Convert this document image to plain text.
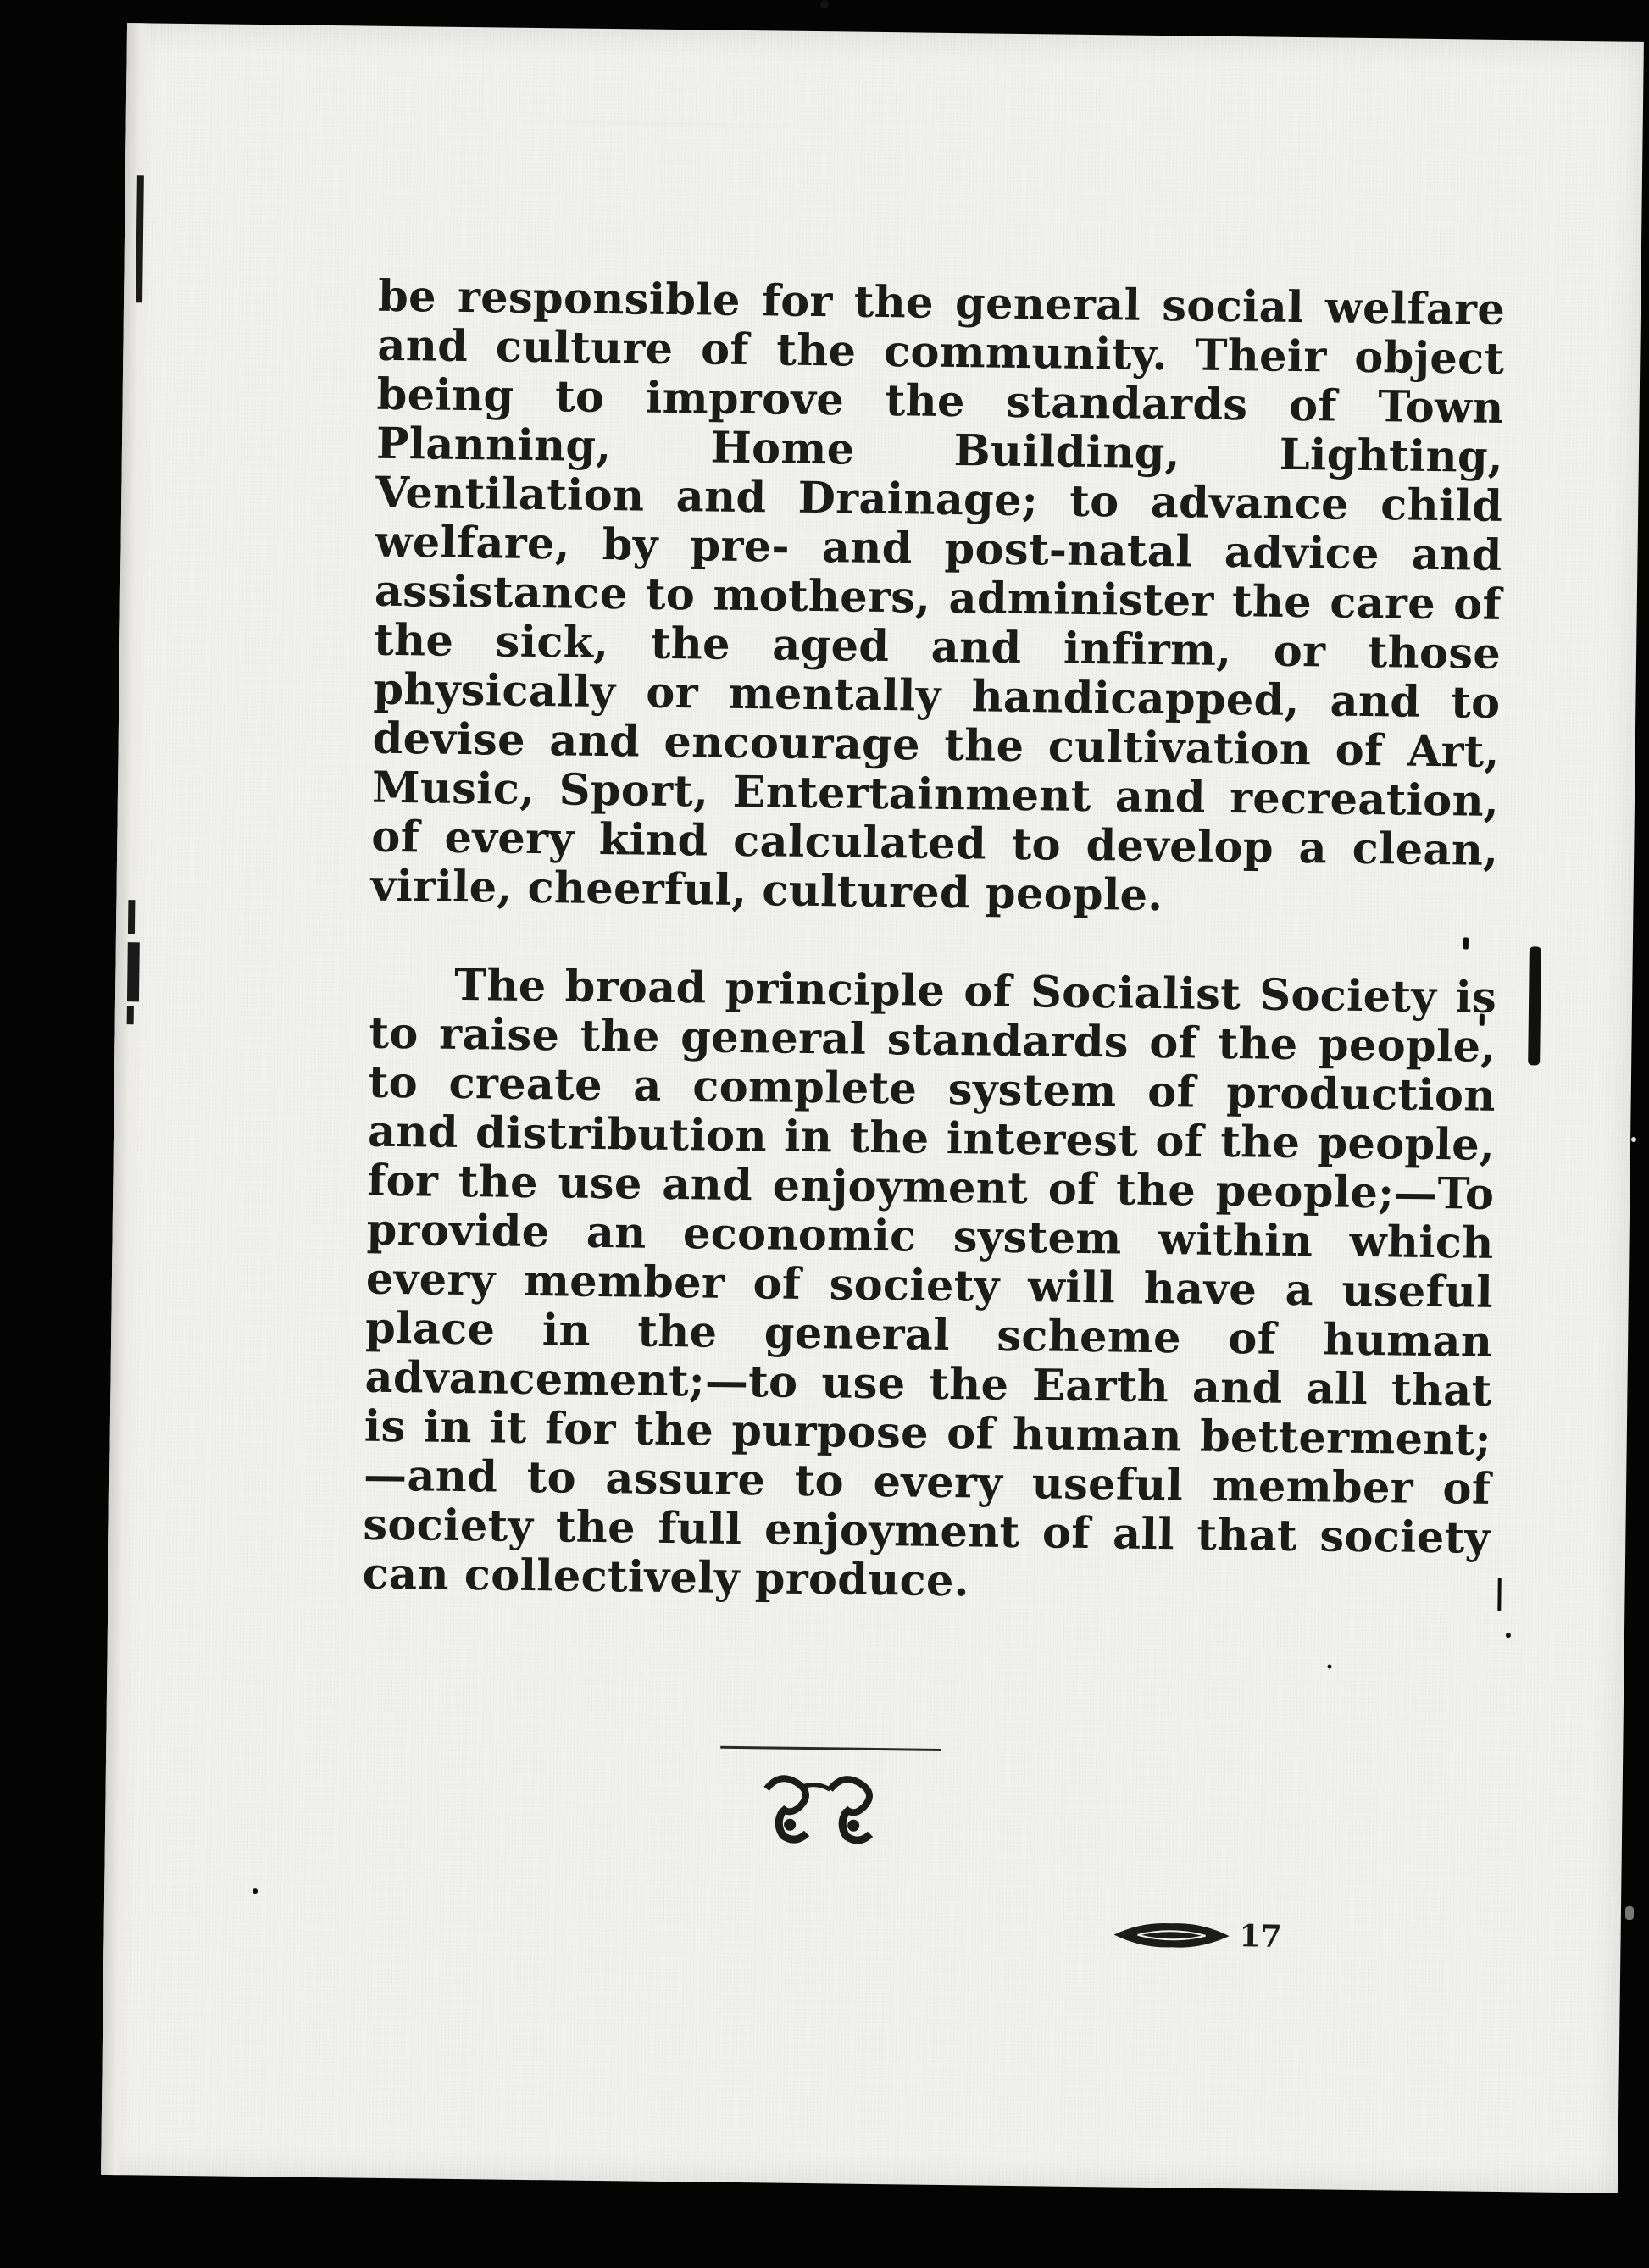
be responsible for the general social welfare and culture of the community. Their object being to improve the standards of Town Planning, Home Building, Lighting, Ventilation and Drainage; to advance child welfare, by pre- and post-natal advice and assistance to mothers, administer the care of the sick, the aged and infirm, or those physically or mentally handicapped, and to devise and encourage the cultivation of Art, Music, Sport, Entertainment and recreation, of every kind calculated to develop a clean, virile, cheerful, cultured people.

The broad principle of Socialist Society is to raise the general standards of the people, to create a complete system of production and distribution in the interest of the people, for the use and enjoyment of the people;—To provide an economic system within which every member of society will have a useful place in the general scheme of human advancement;—to use the Earth and all that is in it for the purpose of human betterment;—and to assure to every useful member of society the full enjoyment of all that society can collectively produce.

17
